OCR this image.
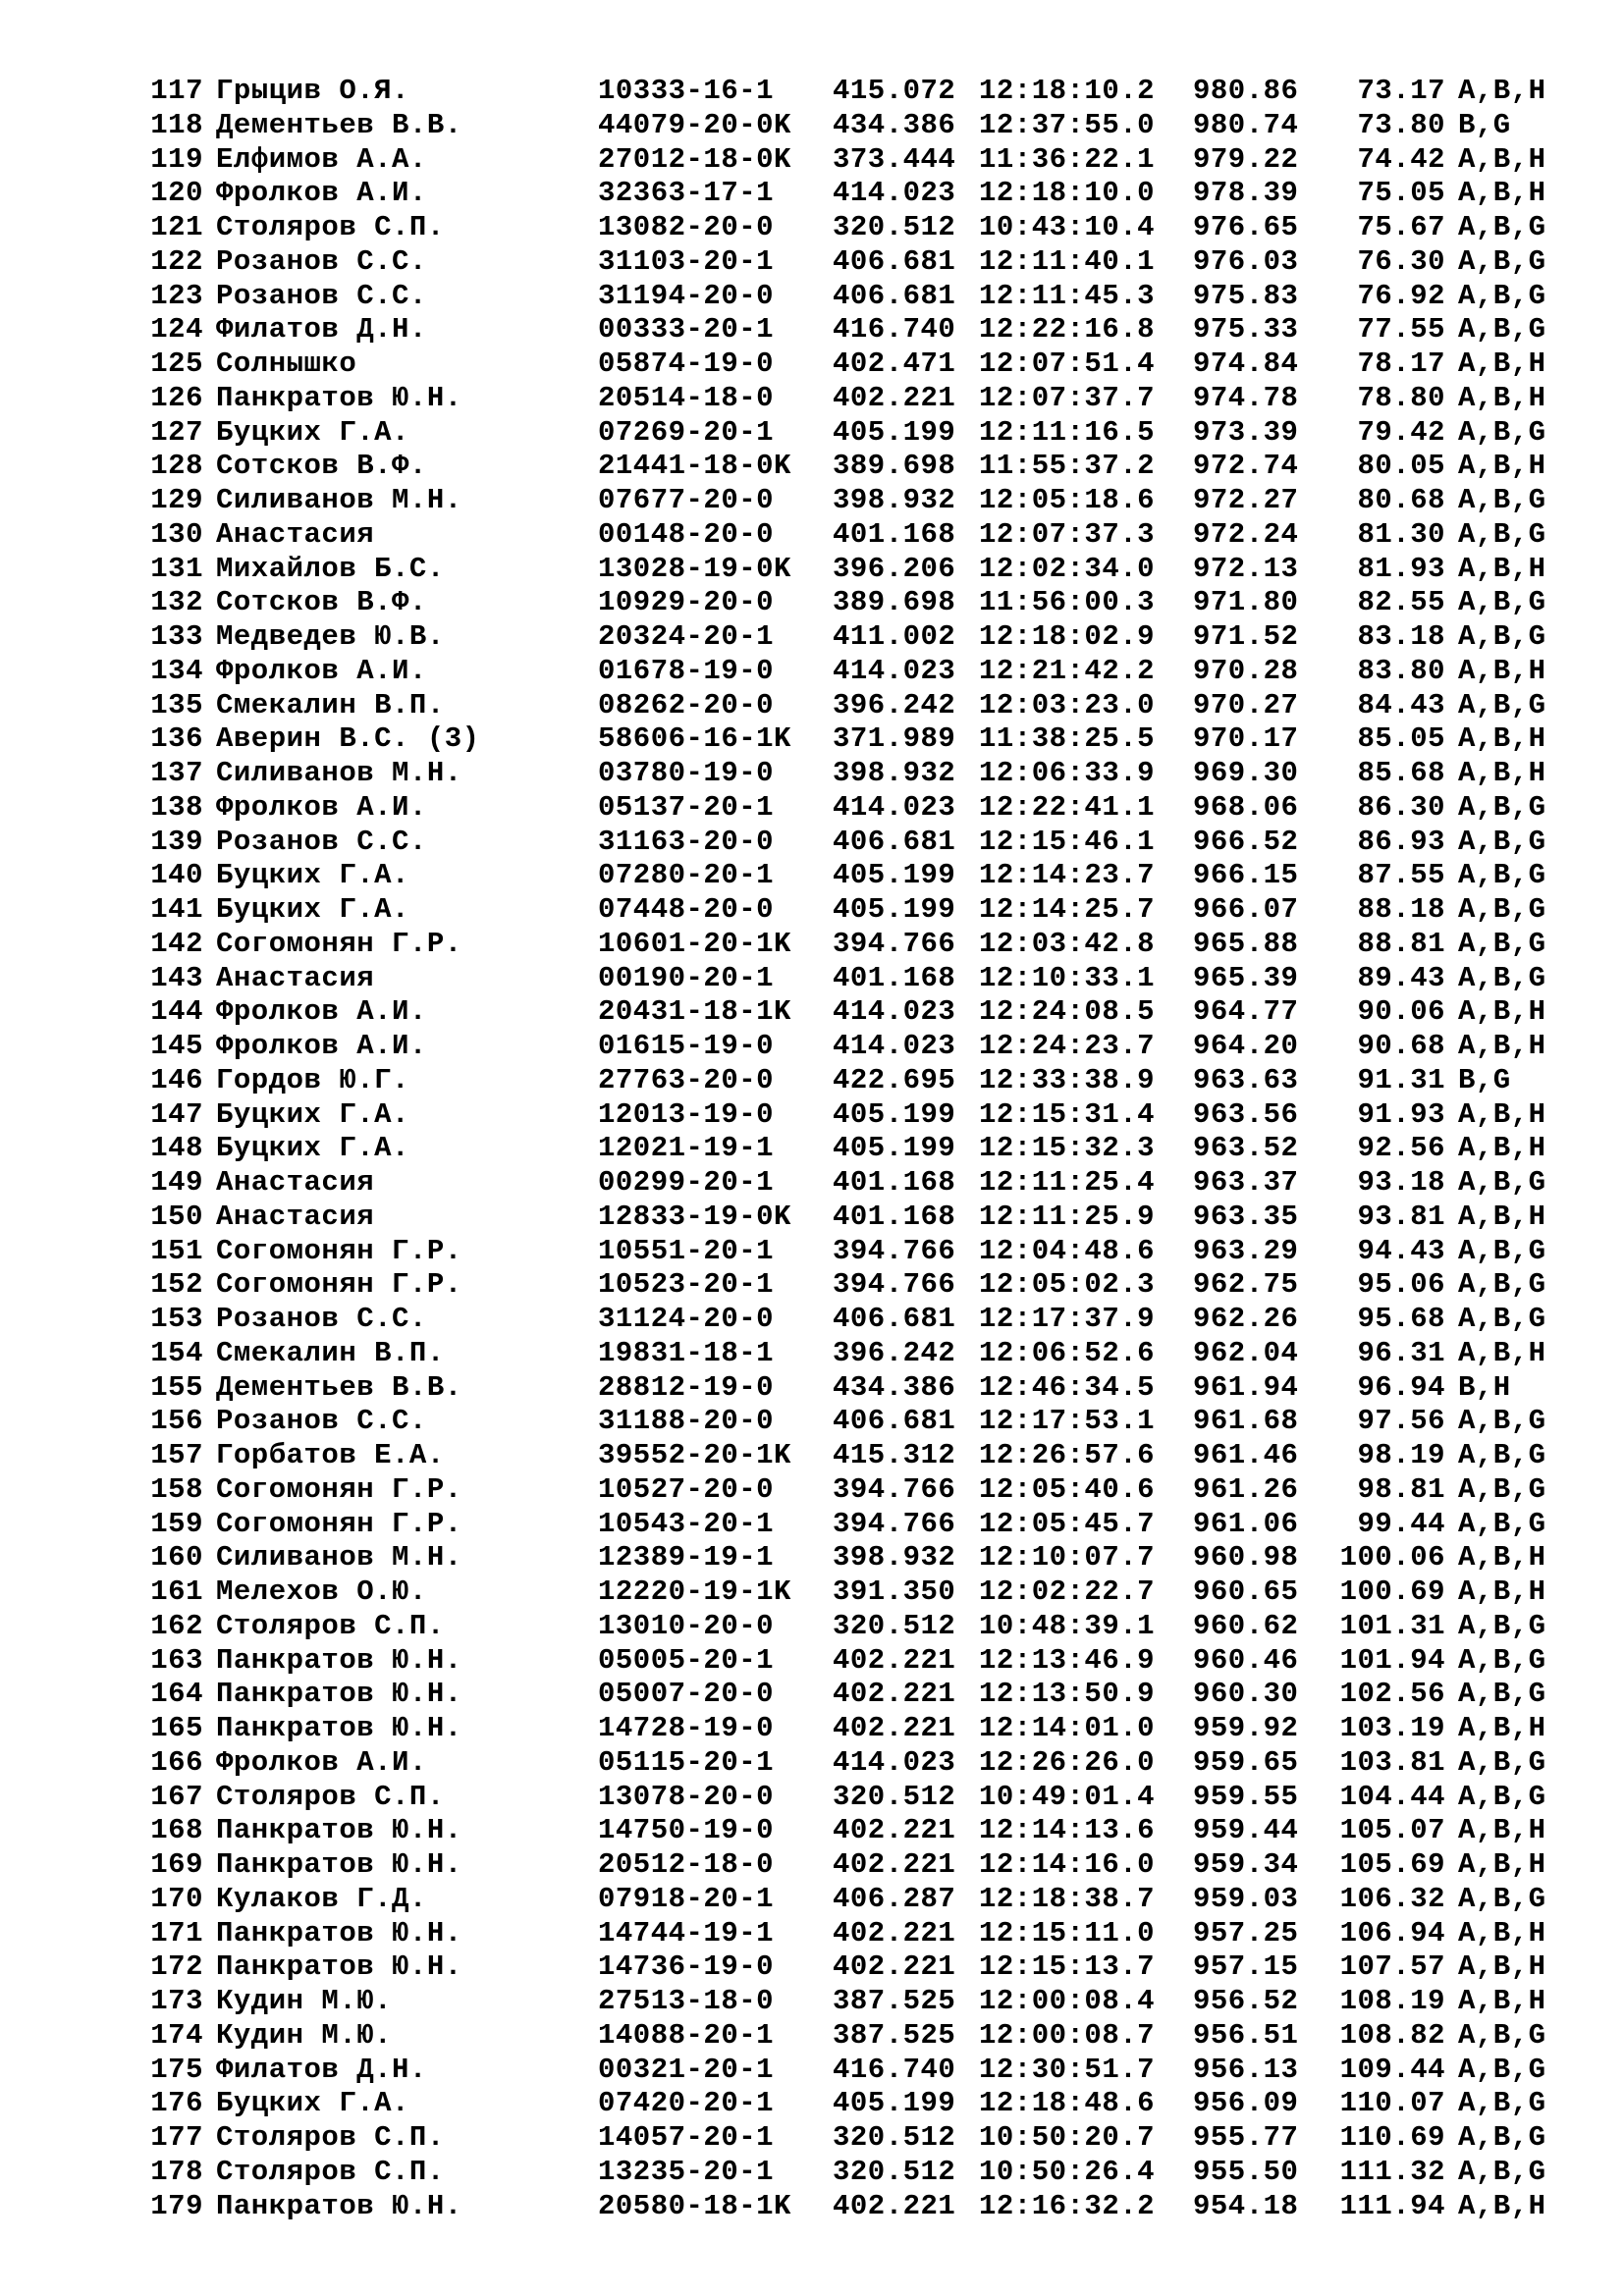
117 Грыцив О.Я.	10333-16-1 415.072 12:18:10.2 980.86	73.17 A,B,H
118 Дементьев В.В.	44079-20-0K 434.386 12:37:55.0 980.74	73.80 B,G
119 Елфимов А.А.	27012-18-0K 373.444 11:36:22.1 979.22	74.42 A,B,H
120 Фролков А.И.	32363-17-1 414.023 12:18:10.0 978.39	75.05 A,B,H
121 Столяров С.П.	13082-20-0 320.512 10:43:10.4 976.65	75.67 A,B,G
122 Розанов С.С.	31103-20-1 406.681 12:11:40.1 976.03	76.30 A,B,G
123 Розанов С.С.	31194-20-0 406.681 12:11:45.3 975.83	76.92 A,B,G
124 Филатов Д.Н.	00333-20-1 416.740 12:22:16.8 975.33	77.55 A,B,G
125 Солнышко	05874-19-0 402.471 12:07:51.4 974.84	78.17 A,B,H
126 Панкратов Ю.Н.	20514-18-0 402.221 12:07:37.7 974.78	78.80 A,B,H
127 Буцких Г.А.	07269-20-1 405.199 12:11:16.5 973.39	79.42 A,B,G
128 Сотсков В.Ф.	21441-18-0K 389.698 11:55:37.2 972.74	80.05 A,B,H
129 Силиванов М.Н.	07677-20-0 398.932 12:05:18.6 972.27	80.68 A,B,G
130 Анастасия	00148-20-0 401.168 12:07:37.3 972.24	81.30 A,B,G
131 Михайлов Б.С.	13028-19-0K 396.206 12:02:34.0 972.13	81.93 A,B,H
132 Сотсков В.Ф.	10929-20-0 389.698 11:56:00.3 971.80	82.55 A,B,G
133 Медведев Ю.В.	20324-20-1 411.002 12:18:02.9 971.52	83.18 A,B,G
134 Фролков А.И.	01678-19-0 414.023 12:21:42.2 970.28	83.80 A,B,H
135 Смекалин В.П.	08262-20-0 396.242 12:03:23.0 970.27	84.43 A,B,G
136 Аверин В.С. (3)	58606-16-1K 371.989 11:38:25.5 970.17	85.05 A,B,H
137 Силиванов М.Н.	03780-19-0 398.932 12:06:33.9 969.30	85.68 A,B,H
138 Фролков А.И.	05137-20-1 414.023 12:22:41.1 968.06	86.30 A,B,G
139 Розанов С.С.	31163-20-0 406.681 12:15:46.1 966.52	86.93 A,B,G
140 Буцких Г.А.	07280-20-1 405.199 12:14:23.7 966.15	87.55 A,B,G
141 Буцких Г.А.	07448-20-0 405.199 12:14:25.7 966.07	88.18 A,B,G
142 Согомонян Г.Р.	10601-20-1K 394.766 12:03:42.8 965.88	88.81 A,B,G
143 Анастасия	00190-20-1 401.168 12:10:33.1 965.39	89.43 A,B,G
144 Фролков А.И.	20431-18-1K 414.023 12:24:08.5 964.77	90.06 A,B,H
145 Фролков А.И.	01615-19-0 414.023 12:24:23.7 964.20	90.68 A,B,H
146 Гордов Ю.Г.	27763-20-0 422.695 12:33:38.9 963.63	91.31 B,G
147 Буцких Г.А.	12013-19-0 405.199 12:15:31.4 963.56	91.93 A,B,H
148 Буцких Г.А.	12021-19-1 405.199 12:15:32.3 963.52	92.56 A,B,H
149 Анастасия	00299-20-1 401.168 12:11:25.4 963.37	93.18 A,B,G
150 Анастасия	12833-19-0K 401.168 12:11:25.9 963.35	93.81 A,B,H
151 Согомонян Г.Р.	10551-20-1 394.766 12:04:48.6 963.29	94.43 A,B,G
152 Согомонян Г.Р.	10523-20-1 394.766 12:05:02.3 962.75	95.06 A,B,G
153 Розанов С.С.	31124-20-0 406.681 12:17:37.9 962.26	95.68 A,B,G
154 Смекалин В.П.	19831-18-1 396.242 12:06:52.6 962.04	96.31 A,B,H
155 Дементьев В.В.	28812-19-0 434.386 12:46:34.5 961.94	96.94 B,H
156 Розанов С.С.	31188-20-0 406.681 12:17:53.1 961.68	97.56 A,B,G
157 Горбатов Е.А.	39552-20-1K 415.312 12:26:57.6 961.46	98.19 A,B,G
158 Согомонян Г.Р.	10527-20-0 394.766 12:05:40.6 961.26	98.81 A,B,G
159 Согомонян Г.Р.	10543-20-1 394.766 12:05:45.7 961.06	99.44 A,B,G
160 Силиванов М.Н.	12389-19-1 398.932 12:10:07.7 960.98	100.06 A,B,H
161 Мелехов О.Ю.	12220-19-1K 391.350 12:02:22.7 960.65	100.69 A,B,H
162 Столяров С.П.	13010-20-0 320.512 10:48:39.1 960.62	101.31 A,B,G
163 Панкратов Ю.Н.	05005-20-1 402.221 12:13:46.9 960.46	101.94 A,B,G
164 Панкратов Ю.Н.	05007-20-0 402.221 12:13:50.9 960.30	102.56 A,B,G
165 Панкратов Ю.Н.	14728-19-0 402.221 12:14:01.0 959.92	103.19 A,B,H
166 Фролков А.И.	05115-20-1 414.023 12:26:26.0 959.65	103.81 A,B,G
167 Столяров С.П.	13078-20-0 320.512 10:49:01.4 959.55	104.44 A,B,G
168 Панкратов Ю.Н.	14750-19-0 402.221 12:14:13.6 959.44	105.07 A,B,H
169 Панкратов Ю.Н.	20512-18-0 402.221 12:14:16.0 959.34	105.69 A,B,H
170 Кулаков Г.Д.	07918-20-1 406.287 12:18:38.7 959.03	106.32 A,B,G
171 Панкратов Ю.Н.	14744-19-1 402.221 12:15:11.0 957.25	106.94 A,B,H
172 Панкратов Ю.Н.	14736-19-0 402.221 12:15:13.7 957.15	107.57 A,B,H
173 Кудин М.Ю.	27513-18-0 387.525 12:00:08.4 956.52	108.19 A,B,H
174 Кудин М.Ю.	14088-20-1 387.525 12:00:08.7 956.51	108.82 A,B,G
175 Филатов Д.Н.	00321-20-1 416.740 12:30:51.7 956.13	109.44 A,B,G
176 Буцких Г.А.	07420-20-1 405.199 12:18:48.6 956.09	110.07 A,B,G
177 Столяров С.П.	14057-20-1 320.512 10:50:20.7 955.77	110.69 A,B,G
178 Столяров С.П.	13235-20-1 320.512 10:50:26.4 955.50	111.32 A,B,G
179 Панкратов Ю.Н.	20580-18-1K 402.221 12:16:32.2 954.18	111.94 A,B,H
